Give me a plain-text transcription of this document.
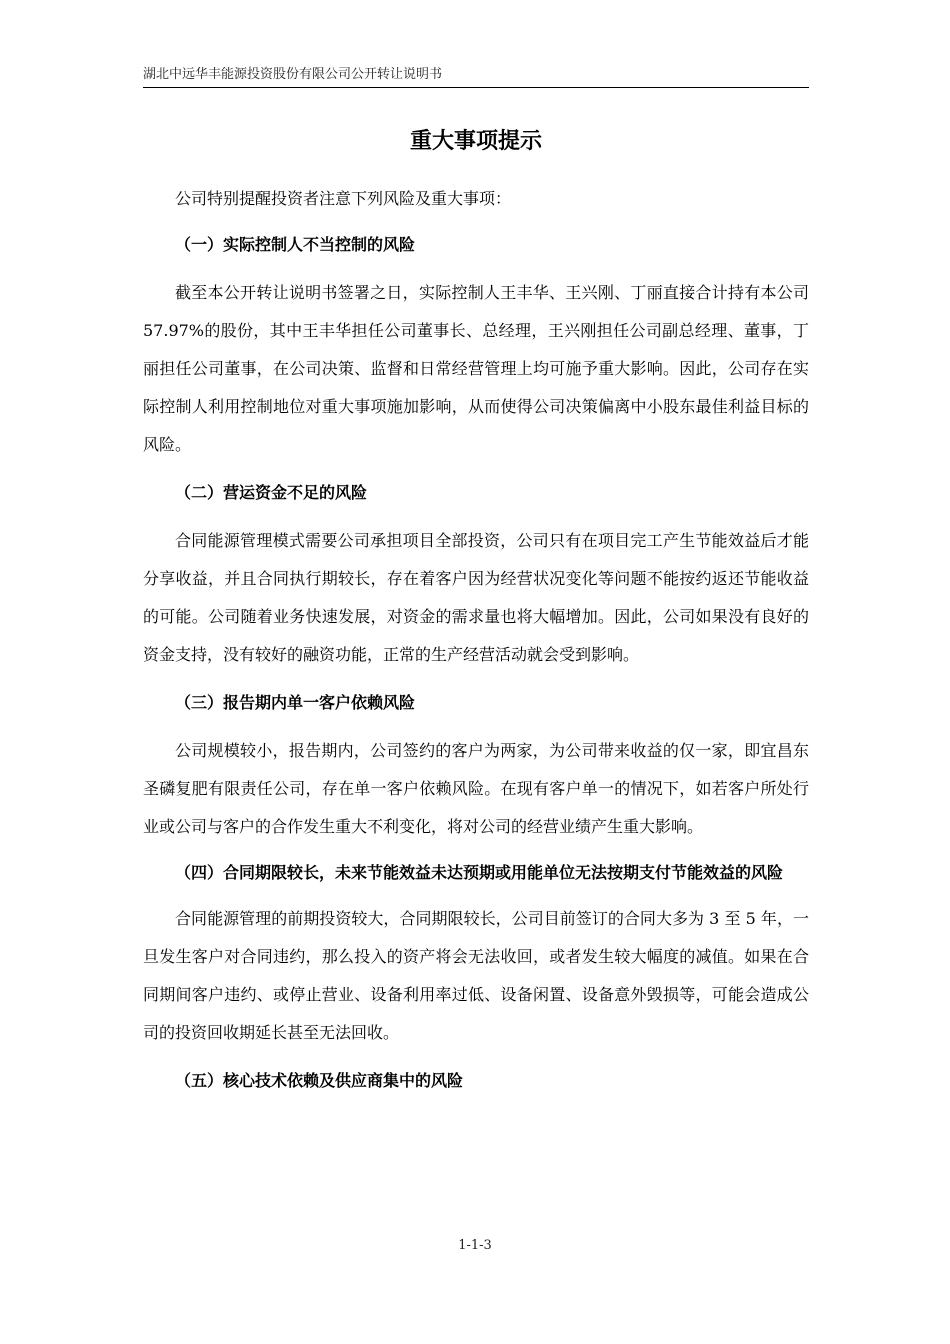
湖北中远华丰能源投资股份有限公司公开转让说明书
重大事项提示

公司特别提醒投资者注意下列风险及重大事项：

（一）实际控制人不当控制的风险

截至本公开转让说明书签署之日，实际控制人王丰华、王兴刚、丁丽直接合计持有本公司 57.97%的股份，其中王丰华担任公司董事长、总经理，王兴刚担任公司副总经理、董事，丁丽担任公司董事，在公司决策、监督和日常经营管理上均可施予重大影响。因此，公司存在实际控制人利用控制地位对重大事项施加影响，从而使得公司决策偏离中小股东最佳利益目标的风险。

（二）营运资金不足的风险

合同能源管理模式需要公司承担项目全部投资，公司只有在项目完工产生节能效益后才能分享收益，并且合同执行期较长，存在着客户因为经营状况变化等问题不能按约返还节能收益的可能。公司随着业务快速发展，对资金的需求量也将大幅增加。因此，公司如果没有良好的资金支持，没有较好的融资功能，正常的生产经营活动就会受到影响。

（三）报告期内单一客户依赖风险

公司规模较小，报告期内，公司签约的客户为两家，为公司带来收益的仅一家，即宜昌东圣磷复肥有限责任公司，存在单一客户依赖风险。在现有客户单一的情况下，如若客户所处行业或公司与客户的合作发生重大不利变化，将对公司的经营业绩产生重大影响。

（四）合同期限较长，未来节能效益未达预期或用能单位无法按期支付节能效益的风险

合同能源管理的前期投资较大，合同期限较长，公司目前签订的合同大多为 3 至 5 年，一旦发生客户对合同违约，那么投入的资产将会无法收回，或者发生较大幅度的减值。如果在合同期间客户违约、或停止营业、设备利用率过低、设备闲置、设备意外毁损等，可能会造成公司的投资回收期延长甚至无法回收。

（五）核心技术依赖及供应商集中的风险

1-1-3
